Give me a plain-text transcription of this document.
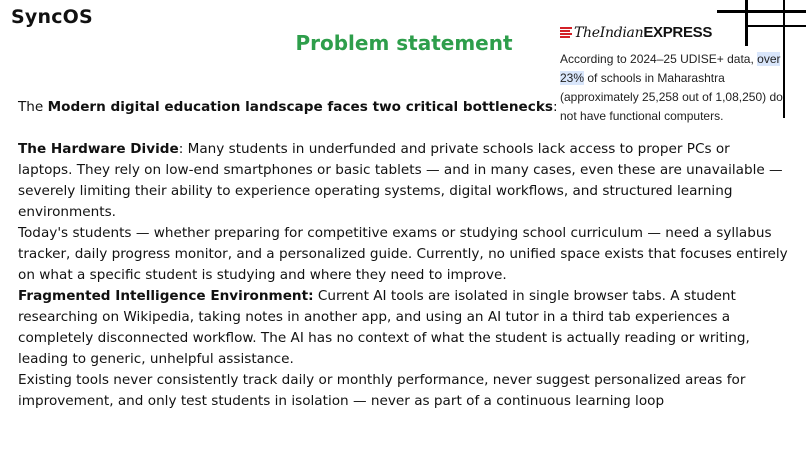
SyncOS
Problem statement	The Indian EXPRESS
According to 2024–25 UDISE+ data, over 23% of schools in Maharashtra (approximately 25,258 out of 1,08,250) do not have functional computers.

The Modern digital education landscape faces two critical bottlenecks:

The Hardware Divide: Many students in underfunded and private schools lack access to proper PCs or laptops. They rely on low-end smartphones or basic tablets — and in many cases, even these are unavailable — severely limiting their ability to experience operating systems, digital workflows, and structured learning environments.

Today's students — whether preparing for competitive exams or studying school curriculum — need a syllabus tracker, daily progress monitor, and a personalized guide. Currently, no unified space exists that focuses entirely on what a specific student is studying and where they need to improve.

Fragmented Intelligence Environment: Current AI tools are isolated in single browser tabs. A student researching on Wikipedia, taking notes in another app, and using an AI tutor in a third tab experiences a completely disconnected workflow. The AI has no context of what the student is actually reading or writing, leading to generic, unhelpful assistance.

Existing tools never consistently track daily or monthly performance, never suggest personalized areas for improvement, and only test students in isolation — never as part of a continuous learning loop
